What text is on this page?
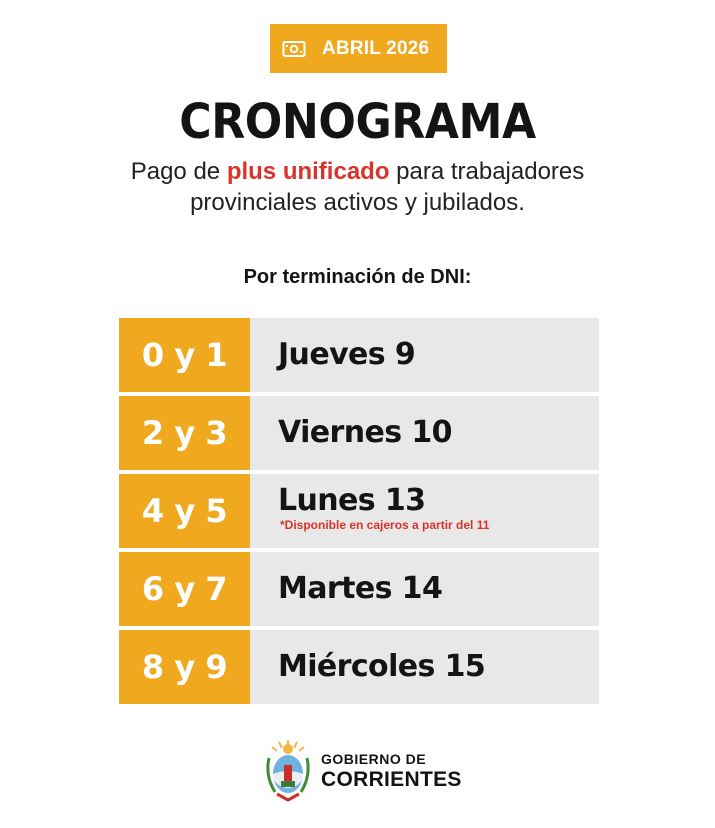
ABRIL 2026
CRONOGRAMA
Pago de plus unificado para trabajadores
provinciales activos y jubilados.
Por terminación de DNI:
0 y 1	Jueves 9
2 y 3	Viernes 10
4 y 5	Lunes 13
*Disponible en cajeros a partir del 11
6 y 7	Martes 14
8 y 9	Miércoles 15
GOBIERNO DE
CORRIENTES
